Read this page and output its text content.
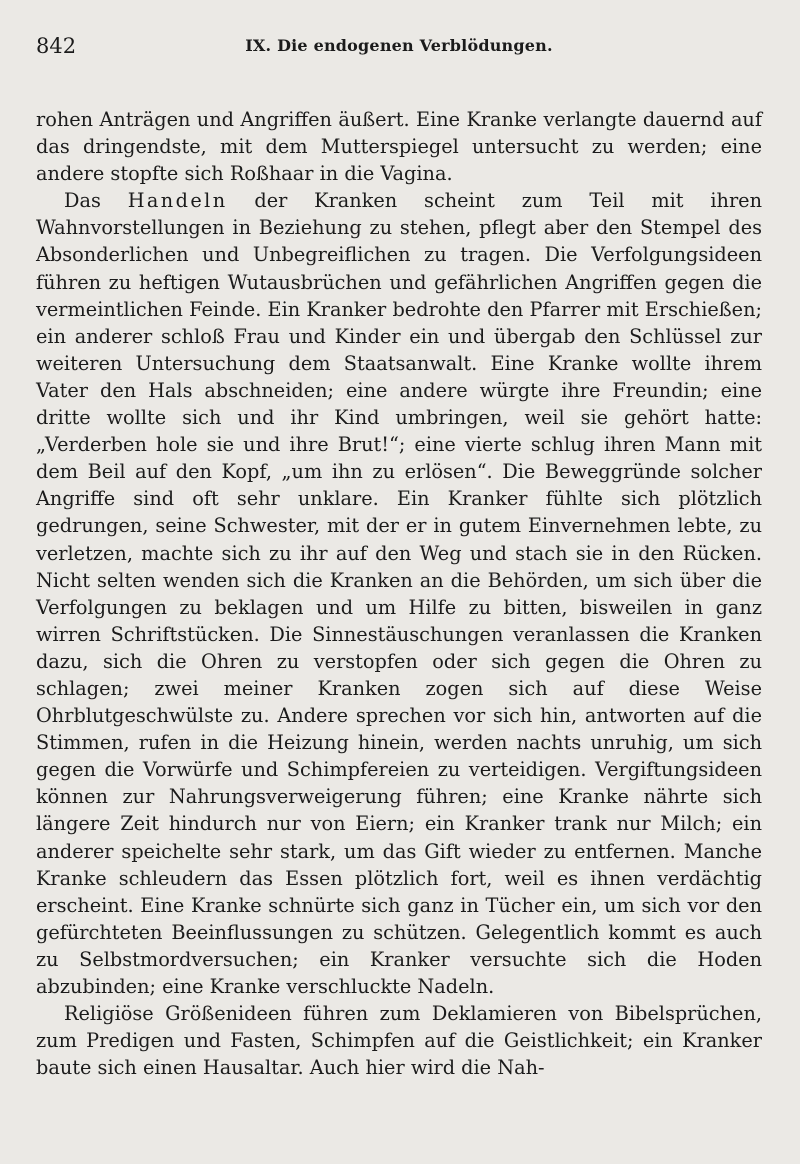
842	IX. Die endogenen Verblödungen.

rohen Anträgen und Angriffen äußert. Eine Kranke verlangte dauernd auf das dringendste, mit dem Mutterspiegel untersucht zu werden; eine andere stopfte sich Roßhaar in die Vagina.

Das Handeln der Kranken scheint zum Teil mit ihren Wahnvorstellungen in Beziehung zu stehen, pflegt aber den Stempel des Absonderlichen und Unbegreiflichen zu tragen. Die Verfolgungsideen führen zu heftigen Wutausbrüchen und gefährlichen Angriffen gegen die vermeintlichen Feinde. Ein Kranker bedrohte den Pfarrer mit Erschießen; ein anderer schloß Frau und Kinder ein und übergab den Schlüssel zur weiteren Untersuchung dem Staatsanwalt. Eine Kranke wollte ihrem Vater den Hals abschneiden; eine andere würgte ihre Freundin; eine dritte wollte sich und ihr Kind umbringen, weil sie gehört hatte: „Verderben hole sie und ihre Brut!“; eine vierte schlug ihren Mann mit dem Beil auf den Kopf, „um ihn zu erlösen“. Die Beweggründe solcher Angriffe sind oft sehr unklare. Ein Kranker fühlte sich plötzlich gedrungen, seine Schwester, mit der er in gutem Einvernehmen lebte, zu verletzen, machte sich zu ihr auf den Weg und stach sie in den Rücken. Nicht selten wenden sich die Kranken an die Behörden, um sich über die Verfolgungen zu beklagen und um Hilfe zu bitten, bisweilen in ganz wirren Schriftstücken. Die Sinnestäuschungen veranlassen die Kranken dazu, sich die Ohren zu verstopfen oder sich gegen die Ohren zu schlagen; zwei meiner Kranken zogen sich auf diese Weise Ohrblutgeschwülste zu. Andere sprechen vor sich hin, antworten auf die Stimmen, rufen in die Heizung hinein, werden nachts unruhig, um sich gegen die Vorwürfe und Schimpfereien zu verteidigen. Vergiftungsideen können zur Nahrungsverweigerung führen; eine Kranke nährte sich längere Zeit hindurch nur von Eiern; ein Kranker trank nur Milch; ein anderer speichelte sehr stark, um das Gift wieder zu entfernen. Manche Kranke schleudern das Essen plötzlich fort, weil es ihnen verdächtig erscheint. Eine Kranke schnürte sich ganz in Tücher ein, um sich vor den gefürchteten Beeinflussungen zu schützen. Gelegentlich kommt es auch zu Selbstmordversuchen; ein Kranker versuchte sich die Hoden abzubinden; eine Kranke verschluckte Nadeln.

Religiöse Größenideen führen zum Deklamieren von Bibelsprüchen, zum Predigen und Fasten, Schimpfen auf die Geistlichkeit; ein Kranker baute sich einen Hausaltar. Auch hier wird die Nah-
